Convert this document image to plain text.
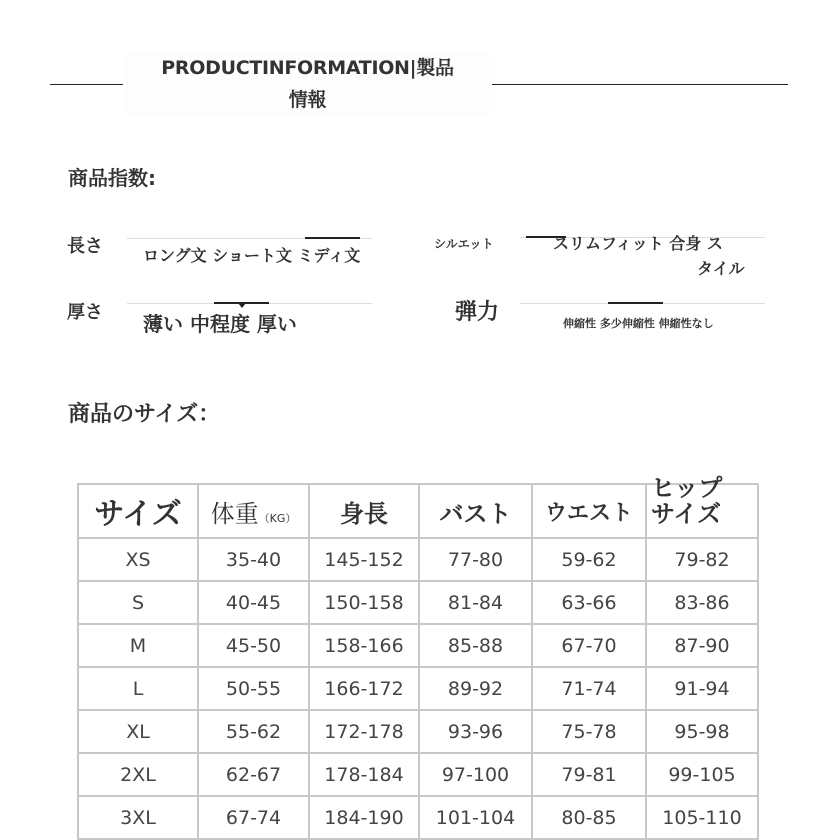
PRODUCTINFORMATION|製品
情報
商品指数:
長さ	ロング文 ショート文 ミディ文
シルエット	スリムフィット 合身 ス
タイル
厚さ 薄い 中程度 厚い	弾力	伸縮性 多少伸縮性 伸縮性なし
商品のサイズ：
サイズ	体重（KG）	身長	バスト	ウエスト	ヒップ
サイズ

XS	35-40	145-152	77-80	59-62	79-82
S	40-45	150-158	81-84	63-66	83-86
M	45-50	158-166	85-88	67-70	87-90
L	50-55	166-172	89-92	71-74	91-94
XL	55-62	172-178	93-96	75-78	95-98
2XL	62-67	178-184	97-100	79-81	99-105
3XL	67-74	184-190	101-104	80-85	105-110
